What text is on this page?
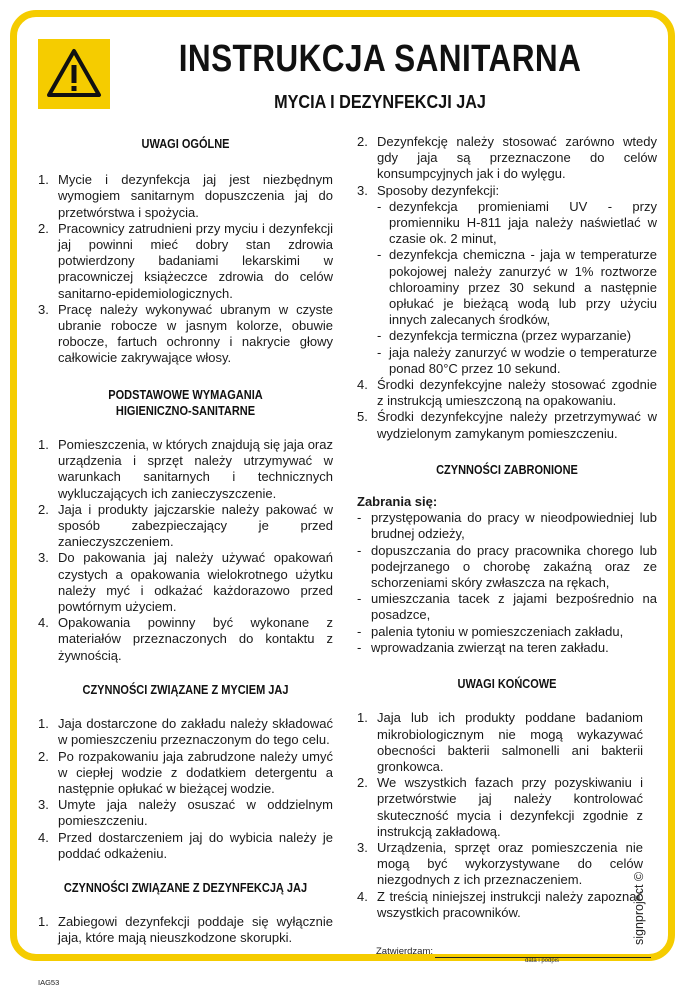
INSTRUKCJA SANITARNA
MYCIA I DEZYNFEKCJI JAJ
UWAGI OGÓLNE
1. Mycie i dezynfekcja jaj jest niezbędnym wymogiem sanitarnym dopuszczenia jaj do przetwórstwa i spożycia.
2. Pracownicy zatrudnieni przy myciu i dezynfekcji jaj powinni mieć dobry stan zdrowia potwierdzony badaniami lekarskimi w pracowniczej książeczce zdrowia do celów sanitarno-epidemiologicznych.
3. Pracę należy wykonywać ubranym w czyste ubranie robocze w jasnym kolorze, obuwie robocze, fartuch ochronny i nakrycie głowy całkowicie zakrywające włosy.
PODSTAWOWE WYMAGANIA
HIGIENICZNO-SANITARNE
1. Pomieszczenia, w których znajdują się jaja oraz urządzenia i sprzęt należy utrzymywać w warunkach sanitarnych i technicznych wykluczających ich zanieczyszczenie.
2. Jaja i produkty jajczarskie należy pakować w sposób zabezpieczający je przed zanieczyszczeniem.
3. Do pakowania jaj należy używać opakowań czystych a opakowania wielokrotnego użytku należy myć i odkażać każdorazowo przed powtórnym użyciem.
4. Opakowania powinny być wykonane z materiałów przeznaczonych do kontaktu z żywnością.
CZYNNOŚCI ZWIĄZANE Z MYCIEM JAJ
1. Jaja dostarczone do zakładu należy składować w pomieszczeniu przeznaczonym do tego celu.
2. Po rozpakowaniu jaja zabrudzone należy umyć w ciepłej wodzie z dodatkiem detergentu a następnie opłukać w bieżącej wodzie.
3. Umyte jaja należy osuszać w oddzielnym pomieszczeniu.
4. Przed dostarczeniem jaj do wybicia należy je poddać odkażeniu.
CZYNNOŚCI ZWIĄZANE Z DEZYNFEKCJĄ JAJ
1. Zabiegowi dezynfekcji poddaje się wyłącznie jaja, które mają nieuszkodzone skorupki.
2. Dezynfekcję należy stosować zarówno wtedy gdy jaja są przeznaczone do celów konsumpcyjnych jak i do wylęgu.
3. Sposoby dezynfekcji:
- dezynfekcja promieniami UV - przy promienniku H-811 jaja należy naświetlać w czasie ok. 2 minut,
- dezynfekcja chemiczna - jaja w temperaturze pokojowej należy zanurzyć w 1% roztworze chloroaminy przez 30 sekund a następnie opłukać je bieżącą wodą lub przy użyciu innych zalecanych środków,
- dezynfekcja termiczna (przez wyparzanie)
- jaja należy zanurzyć w wodzie o temperaturze ponad 80°C przez 10 sekund.
4. Środki dezynfekcyjne należy stosować zgodnie z instrukcją umieszczoną na opakowaniu.
5. Środki dezynfekcyjne należy przetrzymywać w wydzielonym zamykanym pomieszczeniu.
CZYNNOŚCI ZABRONIONE

Zabrania się:

- przystępowania do pracy w nieodpowiedniej lub brudnej odzieży,
- dopuszczania do pracy pracownika chorego lub podejrzanego o chorobę zakaźną oraz ze schorzeniami skóry zwłaszcza na rękach,
- umieszczania tacek z jajami bezpośrednio na posadzce,
- palenia tytoniu w pomieszczeniach zakładu,
- wprowadzania zwierząt na teren zakładu.
UWAGI KOŃCOWE
1. Jaja lub ich produkty poddane badaniom mikrobiologicznym nie mogą wykazywać obecności bakterii salmonelli ani bakterii gronkowca.
2. We wszystkich fazach przy pozyskiwaniu i przetwórstwie jaj należy kontrolować skuteczność mycia i dezynfekcji zgodnie z instrukcją zakładową.
3. Urządzenia, sprzęt oraz pomieszczenia nie mogą być wykorzystywane do celów niezgodnych z ich przeznaczeniem.
4. Z treścią niniejszej instrukcji należy zapoznać wszystkich pracowników.	signproject ©
Zatwierdzam:
data i podpis
IAG53
